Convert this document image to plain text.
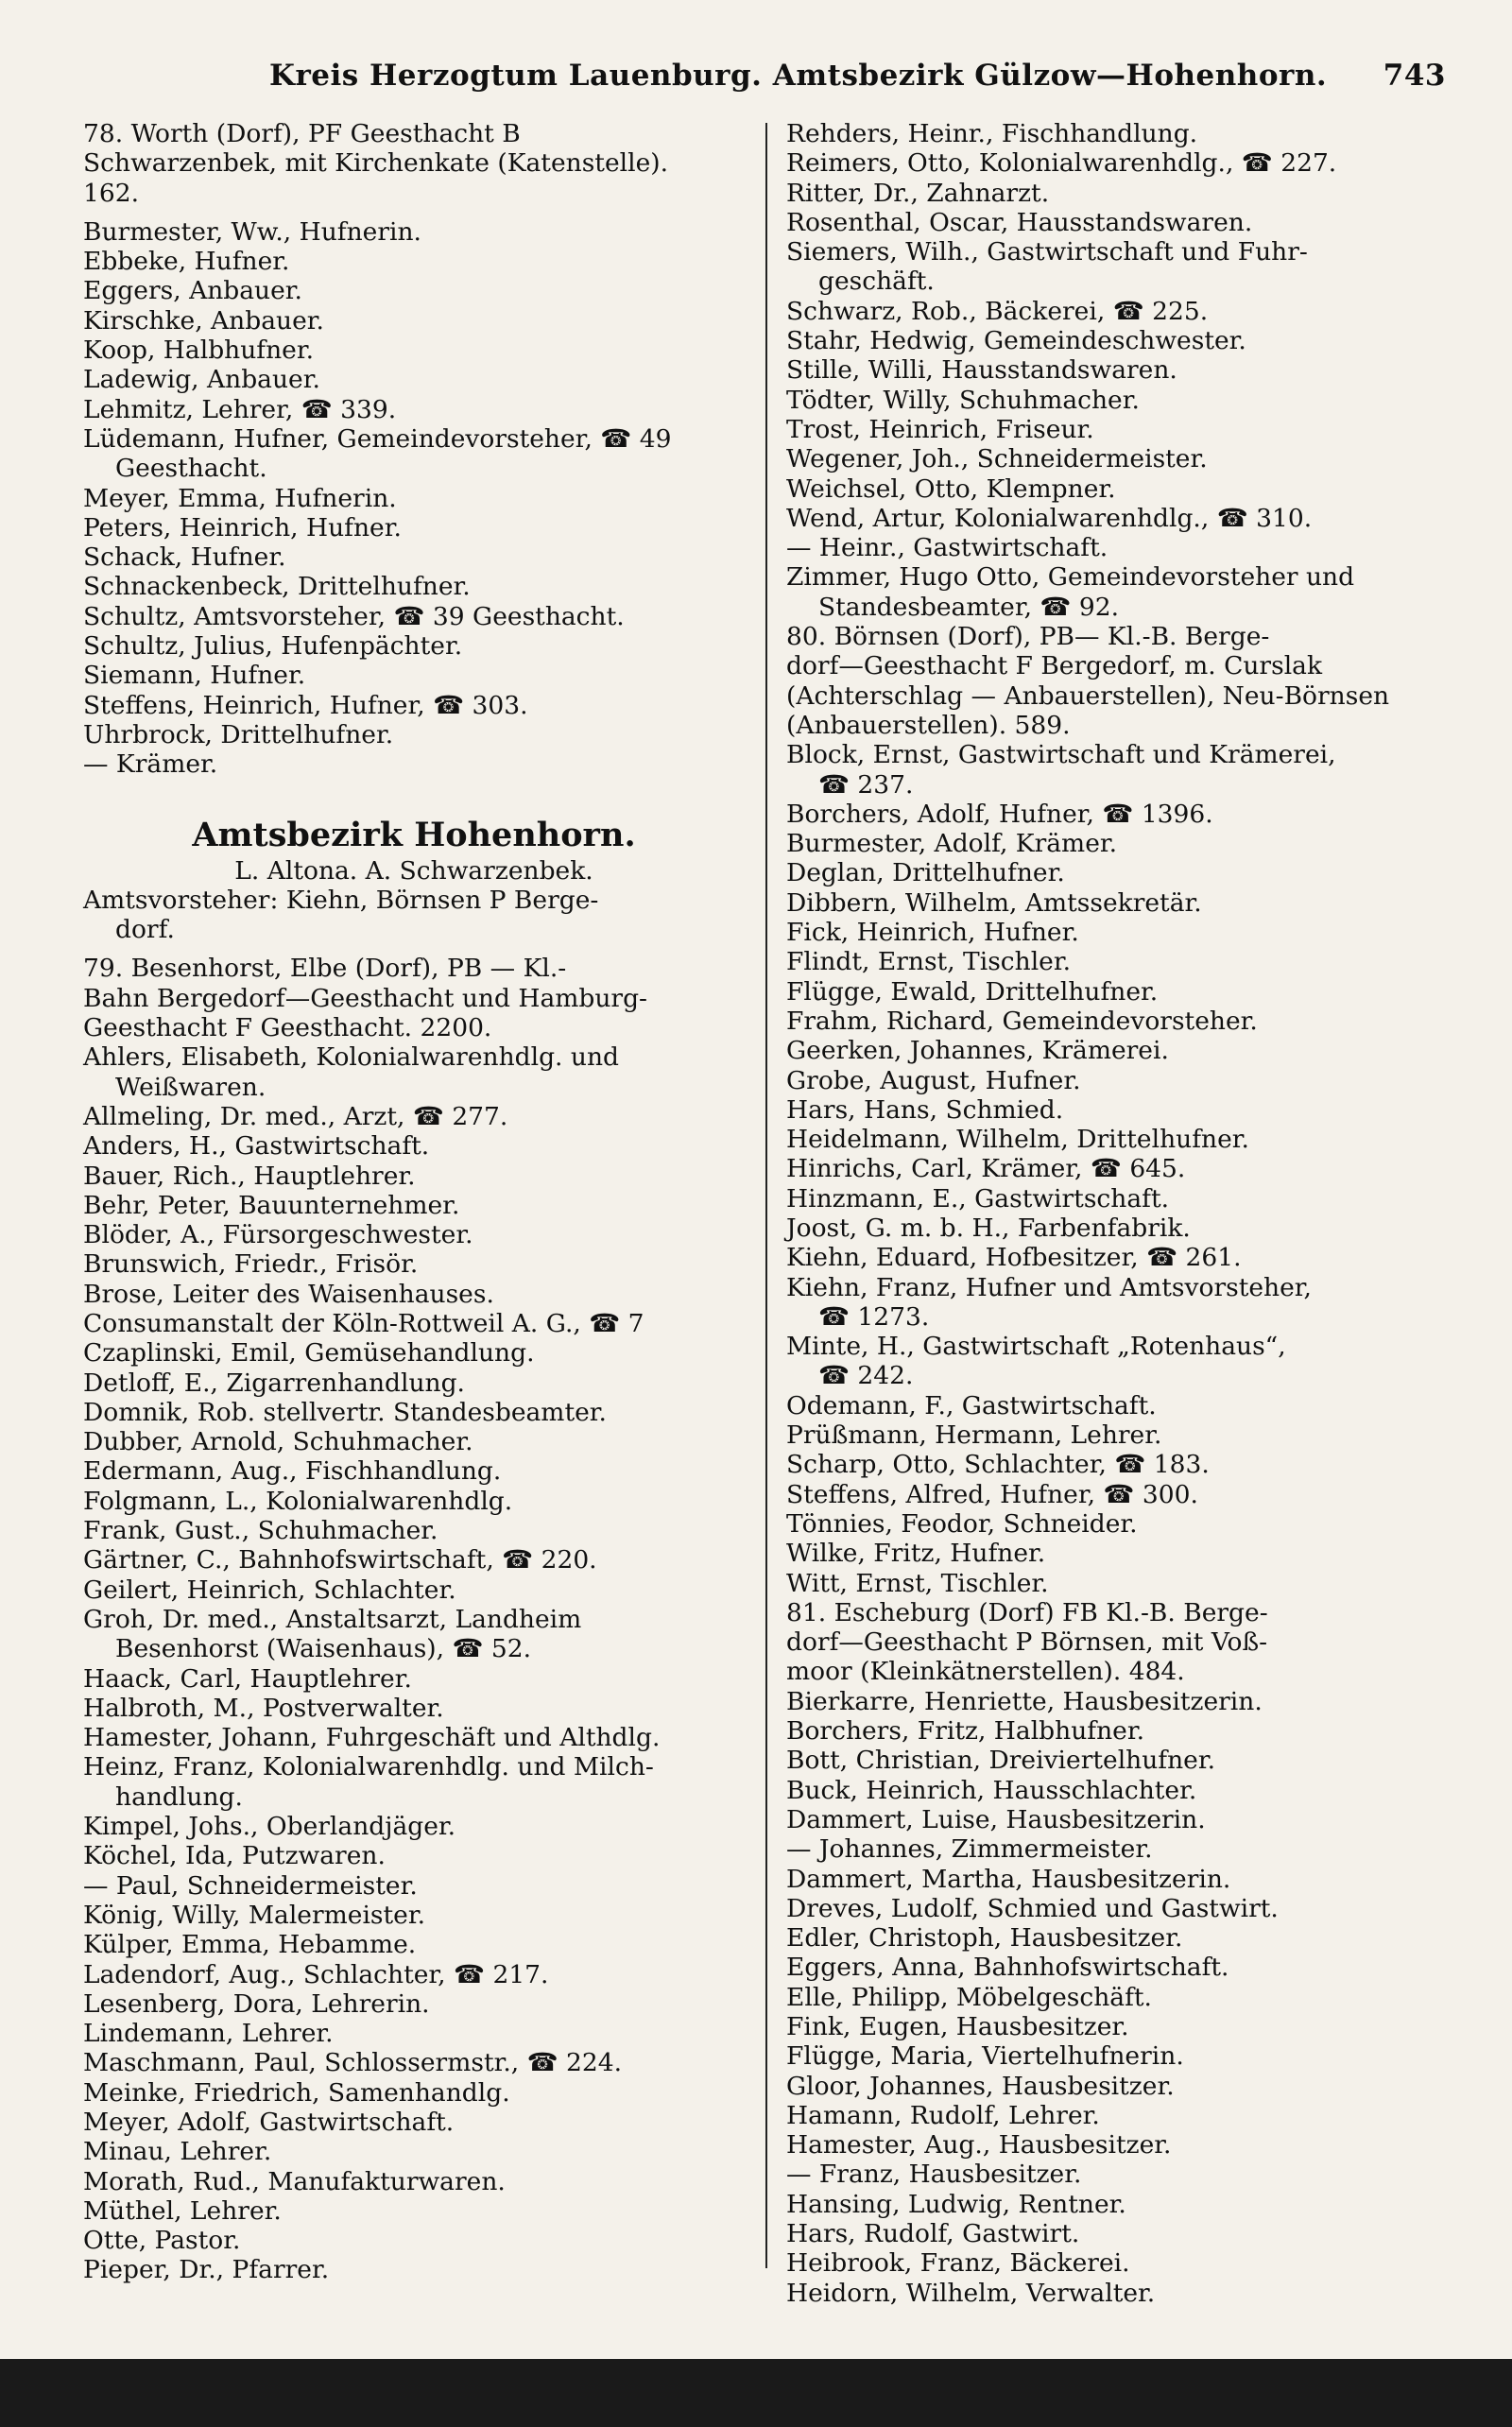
Kreis Herzogtum Lauenburg. Amtsbezirk Gülzow—Hohenhorn. 743
78. Worth (Dorf), PF Geesthacht B
Schwarzenbek, mit Kirchenkate (Katenstelle).
162.
Burmester, Ww., Hufnerin.
Ebbeke, Hufner.
Eggers, Anbauer.
Kirschke, Anbauer.
Koop, Halbhufner.
Ladewig, Anbauer.
Lehmitz, Lehrer, ☎ 339.
Lüdemann, Hufner, Gemeindevorsteher, ☎ 49
Geesthacht.
Meyer, Emma, Hufnerin.
Peters, Heinrich, Hufner.
Schack, Hufner.
Schnackenbeck, Drittelhufner.
Schultz, Amtsvorsteher, ☎ 39 Geesthacht.
Schultz, Julius, Hufenpächter.
Siemann, Hufner.
Steffens, Heinrich, Hufner, ☎ 303.
Uhrbrock, Drittelhufner.
— Krämer.
Amtsbezirk Hohenhorn.
L. Altona. A. Schwarzenbek.
Amtsvorsteher: Kiehn, Börnsen P Berge-
dorf.
79. Besenhorst, Elbe (Dorf), PB — Kl.-
Bahn Bergedorf—Geesthacht und Hamburg-
Geesthacht F Geesthacht. 2200.
Ahlers, Elisabeth, Kolonialwarenhdlg. und
Weißwaren.
Allmeling, Dr. med., Arzt, ☎ 277.
Anders, H., Gastwirtschaft.
Bauer, Rich., Hauptlehrer.
Behr, Peter, Bauunternehmer.
Blöder, A., Fürsorgeschwester.
Brunswich, Friedr., Frisör.
Brose, Leiter des Waisenhauses.
Consumanstalt der Köln-Rottweil A. G., ☎ 7
Czaplinski, Emil, Gemüsehandlung.
Detloff, E., Zigarrenhandlung.
Domnik, Rob. stellvertr. Standesbeamter.
Dubber, Arnold, Schuhmacher.
Edermann, Aug., Fischhandlung.
Folgmann, L., Kolonialwarenhdlg.
Frank, Gust., Schuhmacher.
Gärtner, C., Bahnhofswirtschaft, ☎ 220.
Geilert, Heinrich, Schlachter.
Groh, Dr. med., Anstaltsarzt, Landheim
Besenhorst (Waisenhaus), ☎ 52.
Haack, Carl, Hauptlehrer.
Halbroth, M., Postverwalter.
Hamester, Johann, Fuhrgeschäft und Althdlg.
Heinz, Franz, Kolonialwarenhdlg. und Milch-
handlung.
Kimpel, Johs., Oberlandjäger.
Köchel, Ida, Putzwaren.
— Paul, Schneidermeister.
König, Willy, Malermeister.
Külper, Emma, Hebamme.
Ladendorf, Aug., Schlachter, ☎ 217.
Lesenberg, Dora, Lehrerin.
Lindemann, Lehrer.
Maschmann, Paul, Schlossermstr., ☎ 224.
Meinke, Friedrich, Samenhandlg.
Meyer, Adolf, Gastwirtschaft.
Minau, Lehrer.
Morath, Rud., Manufakturwaren.
Müthel, Lehrer.
Otte, Pastor.
Pieper, Dr., Pfarrer.
Rehders, Heinr., Fischhandlung.
Reimers, Otto, Kolonialwarenhdlg., ☎ 227.
Ritter, Dr., Zahnarzt.
Rosenthal, Oscar, Hausstandswaren.
Siemers, Wilh., Gastwirtschaft und Fuhr-
geschäft.
Schwarz, Rob., Bäckerei, ☎ 225.
Stahr, Hedwig, Gemeindeschwester.
Stille, Willi, Hausstandswaren.
Tödter, Willy, Schuhmacher.
Trost, Heinrich, Friseur.
Wegener, Joh., Schneidermeister.
Weichsel, Otto, Klempner.
Wend, Artur, Kolonialwarenhdlg., ☎ 310.
— Heinr., Gastwirtschaft.
Zimmer, Hugo Otto, Gemeindevorsteher und
Standesbeamter, ☎ 92.
80. Börnsen (Dorf), PB— Kl.-B. Berge-
dorf—Geesthacht F Bergedorf, m. Curslak
(Achterschlag — Anbauerstellen), Neu-Börnsen
(Anbauerstellen). 589.
Block, Ernst, Gastwirtschaft und Krämerei,
☎ 237.
Borchers, Adolf, Hufner, ☎ 1396.
Burmester, Adolf, Krämer.
Deglan, Drittelhufner.
Dibbern, Wilhelm, Amtssekretär.
Fick, Heinrich, Hufner.
Flindt, Ernst, Tischler.
Flügge, Ewald, Drittelhufner.
Frahm, Richard, Gemeindevorsteher.
Geerken, Johannes, Krämerei.
Grobe, August, Hufner.
Hars, Hans, Schmied.
Heidelmann, Wilhelm, Drittelhufner.
Hinrichs, Carl, Krämer, ☎ 645.
Hinzmann, E., Gastwirtschaft.
Joost, G. m. b. H., Farbenfabrik.
Kiehn, Eduard, Hofbesitzer, ☎ 261.
Kiehn, Franz, Hufner und Amtsvorsteher,
☎ 1273.
Minte, H., Gastwirtschaft „Rotenhaus“,
☎ 242.
Odemann, F., Gastwirtschaft.
Prüßmann, Hermann, Lehrer.
Scharp, Otto, Schlachter, ☎ 183.
Steffens, Alfred, Hufner, ☎ 300.
Tönnies, Feodor, Schneider.
Wilke, Fritz, Hufner.
Witt, Ernst, Tischler.
81. Escheburg (Dorf) FB Kl.-B. Berge-
dorf—Geesthacht P Börnsen, mit Voß-
moor (Kleinkätnerstellen). 484.
Bierkarre, Henriette, Hausbesitzerin.
Borchers, Fritz, Halbhufner.
Bott, Christian, Dreiviertelhufner.
Buck, Heinrich, Hausschlachter.
Dammert, Luise, Hausbesitzerin.
— Johannes, Zimmermeister.
Dammert, Martha, Hausbesitzerin.
Dreves, Ludolf, Schmied und Gastwirt.
Edler, Christoph, Hausbesitzer.
Eggers, Anna, Bahnhofswirtschaft.
Elle, Philipp, Möbelgeschäft.
Fink, Eugen, Hausbesitzer.
Flügge, Maria, Viertelhufnerin.
Gloor, Johannes, Hausbesitzer.
Hamann, Rudolf, Lehrer.
Hamester, Aug., Hausbesitzer.
— Franz, Hausbesitzer.
Hansing, Ludwig, Rentner.
Hars, Rudolf, Gastwirt.
Heibrook, Franz, Bäckerei.
Heidorn, Wilhelm, Verwalter.
